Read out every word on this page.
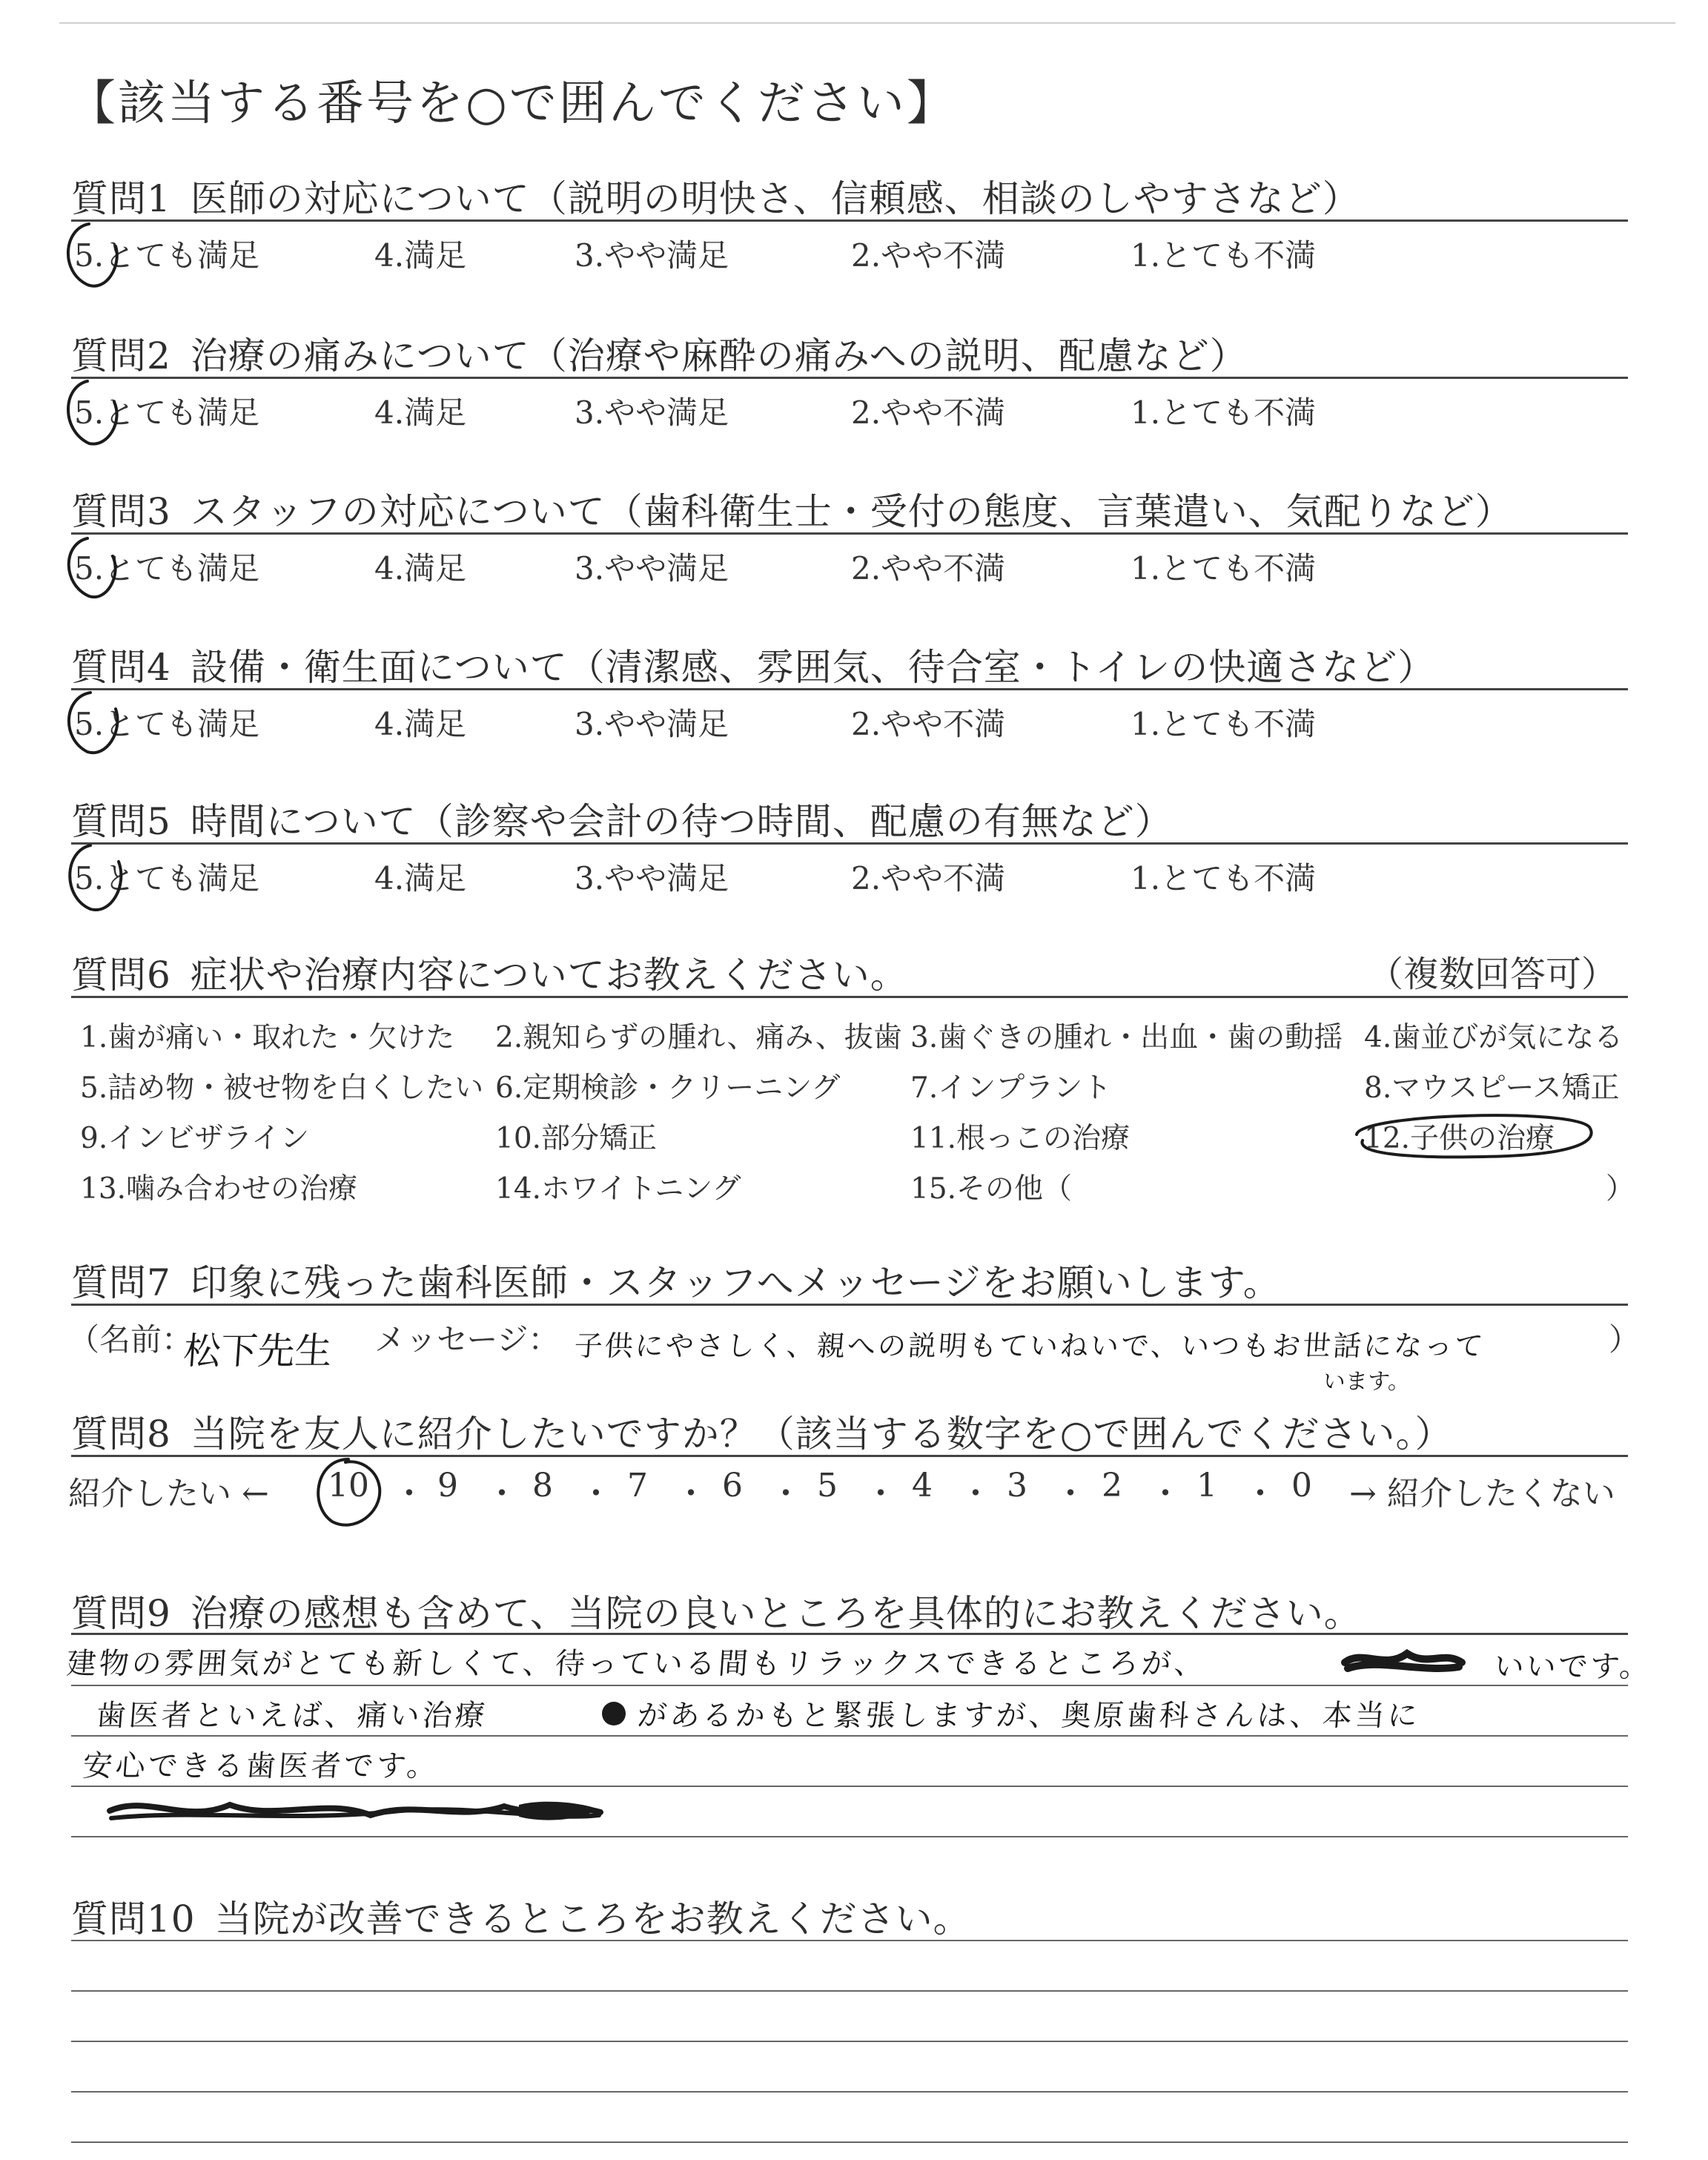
【該当する番号を○で囲んでください】
質問1 医師の対応について（説明の明快さ、信頼感、相談のしやすさなど）
5.とても満足	4.満足	3.やや満足	2.やや不満	1.とても不満
質問2 治療の痛みについて（治療や麻酔の痛みへの説明、配慮など）
5.とても満足	4.満足	3.やや満足	2.やや不満	1.とても不満
質問3 スタッフの対応について（歯科衛生士・受付の態度、言葉遣い、気配りなど）
5.とても満足	4.満足	3.やや満足	2.やや不満	1.とても不満
質問4 設備・衛生面について（清潔感、雰囲気、待合室・トイレの快適さなど）
5.とても満足	4.満足	3.やや満足	2.やや不満	1.とても不満
質問5 時間について（診察や会計の待つ時間、配慮の有無など）
5.とても満足	4.満足	3.やや満足	2.やや不満	1.とても不満
質問6 症状や治療内容についてお教えください。	（複数回答可）
1.歯が痛い・取れた・欠けた 2.親知らずの腫れ、痛み、抜歯 3.歯ぐきの腫れ・出血・歯の動揺 4.歯並びが気になる
5.詰め物・被せ物を白くしたい 6.定期検診・クリーニング 7.インプラント	8.マウスピース矯正
9.インビザライン	10.部分矯正	11.根っこの治療	12.子供の治療
13.噛み合わせの治療	14.ホワイトニング	15.その他（	）
質問7 印象に残った歯科医師・スタッフへメッセージをお願いします。
（名前：
松下先生 メッセージ： 子供にやさしく、親への説明もていねいで、いつもお世話になって
います。
）
質問8 当院を友人に紹介したいですか？（該当する数字を○で囲んでください。）
紹介したい ← 10 ・ 9 ・ 8 ・ 7 ・ 6 ・ 5 ・ 4 ・ 3 ・ 2 ・ 1 ・ 0 → 紹介したくない
質問9 治療の感想も含めて、当院の良いところを具体的にお教えください。
建物の雰囲気がとても新しくて、待っている間もリラックスできるところが、	いいです。
歯医者といえば、痛い治療	があるかもと緊張しますが、奥原歯科さんは、本当に
安心できる歯医者です。
質問10 当院が改善できるところをお教えください。
